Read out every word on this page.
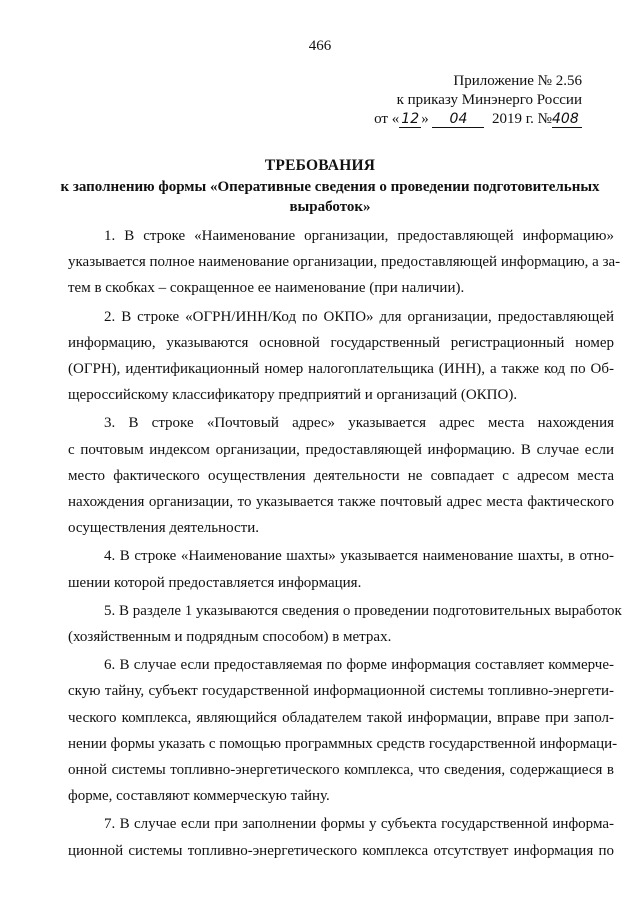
466
Приложение № 2.56
к приказу Минэнерго России
от « 12 » 04 2019 г. №408
ТРЕБОВАНИЯ
к заполнению формы «Оперативные сведения о проведении подготовительных
выработок»
1. В строке «Наименование организации, предоставляющей информацию»
указывается полное наименование организации, предоставляющей информацию, а за-
тем в скобках – сокращенное ее наименование (при наличии).
2. В строке «ОГРН/ИНН/Код по ОКПО» для организации, предоставляющей
информацию, указываются основной государственный регистрационный номер
(ОГРН), идентификационный номер налогоплательщика (ИНН), а также код по Об-
щероссийскому классификатору предприятий и организаций (ОКПО).
3. В строке «Почтовый адрес» указывается адрес места нахождения
с почтовым индексом организации, предоставляющей информацию. В случае если
место фактического осуществления деятельности не совпадает с адресом места
нахождения организации, то указывается также почтовый адрес места фактического
осуществления деятельности.
4. В строке «Наименование шахты» указывается наименование шахты, в отно-
шении которой предоставляется информация.
5. В разделе 1 указываются сведения о проведении подготовительных выработок
(хозяйственным и подрядным способом) в метрах.
6. В случае если предоставляемая по форме информация составляет коммерче-
скую тайну, субъект государственной информационной системы топливно-энергети-
ческого комплекса, являющийся обладателем такой информации, вправе при запол-
нении формы указать с помощью программных средств государственной информаци-
онной системы топливно-энергетического комплекса, что сведения, содержащиеся в
форме, составляют коммерческую тайну.
7. В случае если при заполнении формы у субъекта государственной информа-
ционной системы топливно-энергетического комплекса отсутствует информация по
